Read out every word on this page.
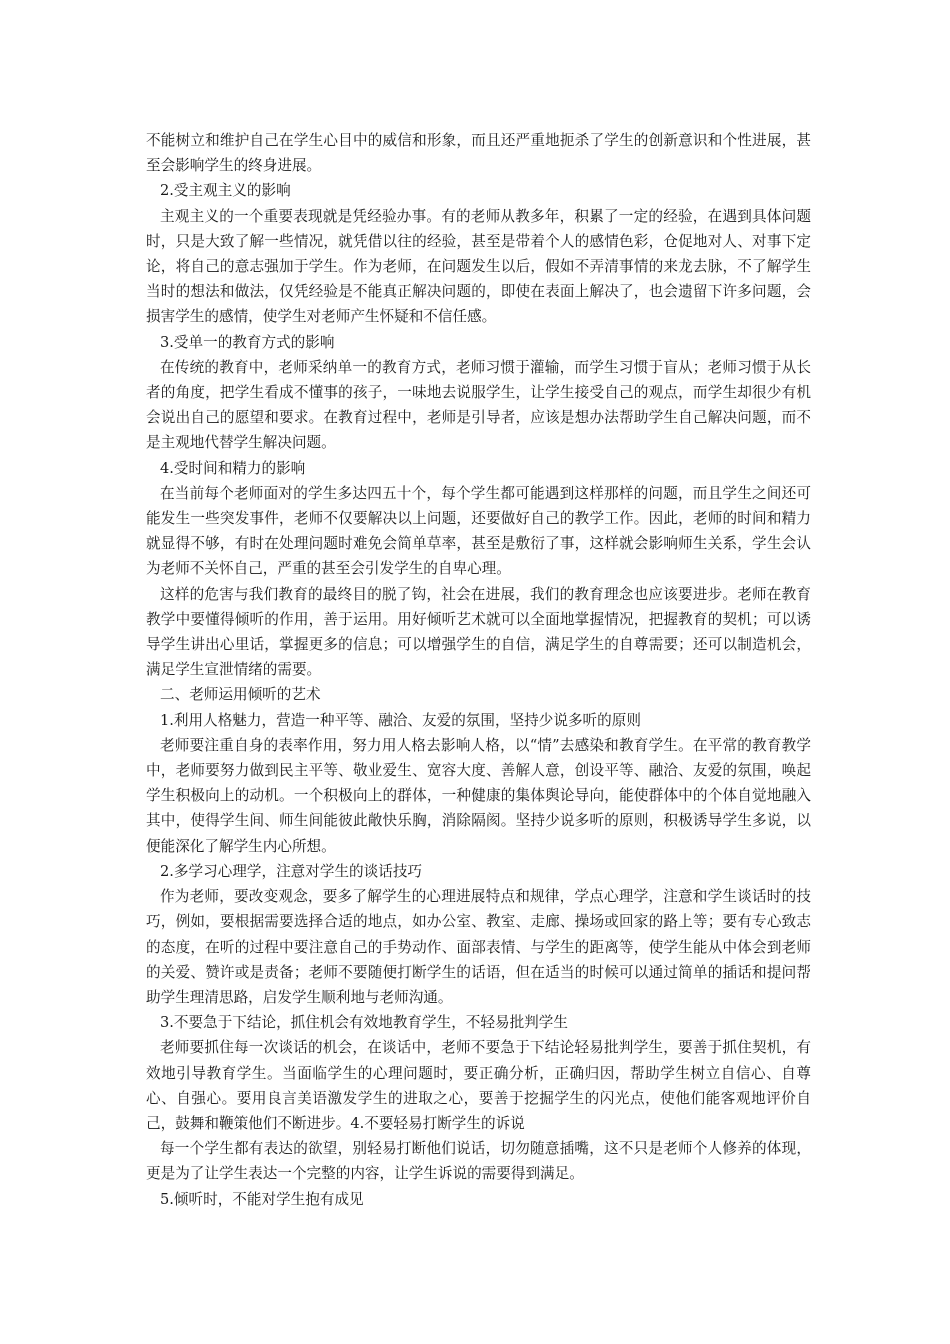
不能树立和维护自己在学生心目中的威信和形象，而且还严重地扼杀了学生的创新意识和个性进展，甚至会影响学生的终身进展。

2.受主观主义的影响

主观主义的一个重要表现就是凭经验办事。有的老师从教多年，积累了一定的经验，在遇到具体问题时，只是大致了解一些情况，就凭借以往的经验，甚至是带着个人的感情色彩，仓促地对人、对事下定论，将自己的意志强加于学生。作为老师，在问题发生以后，假如不弄清事情的来龙去脉，不了解学生当时的想法和做法，仅凭经验是不能真正解决问题的，即使在表面上解决了，也会遗留下许多问题，会损害学生的感情，使学生对老师产生怀疑和不信任感。

3.受单一的教育方式的影响

在传统的教育中，老师采纳单一的教育方式，老师习惯于灌输，而学生习惯于盲从；老师习惯于从长者的角度，把学生看成不懂事的孩子，一味地去说服学生，让学生接受自己的观点，而学生却很少有机会说出自己的愿望和要求。在教育过程中，老师是引导者，应该是想办法帮助学生自己解决问题，而不是主观地代替学生解决问题。

4.受时间和精力的影响

在当前每个老师面对的学生多达四五十个，每个学生都可能遇到这样那样的问题，而且学生之间还可能发生一些突发事件，老师不仅要解决以上问题，还要做好自己的教学工作。因此，老师的时间和精力就显得不够，有时在处理问题时难免会简单草率，甚至是敷衍了事，这样就会影响师生关系，学生会认为老师不关怀自己，严重的甚至会引发学生的自卑心理。

这样的危害与我们教育的最终目的脱了钩，社会在进展，我们的教育理念也应该要进步。老师在教育教学中要懂得倾听的作用，善于运用。用好倾听艺术就可以全面地掌握情况，把握教育的契机；可以诱导学生讲出心里话，掌握更多的信息；可以增强学生的自信，满足学生的自尊需要；还可以制造机会，满足学生宣泄情绪的需要。

二、老师运用倾听的艺术

1.利用人格魅力，营造一种平等、融洽、友爱的氛围，坚持少说多听的原则

老师要注重自身的表率作用，努力用人格去影响人格，以“情”去感染和教育学生。在平常的教育教学中，老师要努力做到民主平等、敬业爱生、宽容大度、善解人意，创设平等、融洽、友爱的氛围，唤起学生积极向上的动机。一个积极向上的群体，一种健康的集体舆论导向，能使群体中的个体自觉地融入其中，使得学生间、师生间能彼此敞快乐胸，消除隔阂。坚持少说多听的原则，积极诱导学生多说，以便能深化了解学生内心所想。

2.多学习心理学，注意对学生的谈话技巧

作为老师，要改变观念，要多了解学生的心理进展特点和规律，学点心理学，注意和学生谈话时的技巧，例如，要根据需要选择合适的地点，如办公室、教室、走廊、操场或回家的路上等；要有专心致志的态度，在听的过程中要注意自己的手势动作、面部表情、与学生的距离等，使学生能从中体会到老师的关爱、赞许或是责备；老师不要随便打断学生的话语，但在适当的时候可以通过简单的插话和提问帮助学生理清思路，启发学生顺利地与老师沟通。

3.不要急于下结论，抓住机会有效地教育学生，不轻易批判学生

老师要抓住每一次谈话的机会，在谈话中，老师不要急于下结论轻易批判学生，要善于抓住契机，有效地引导教育学生。当面临学生的心理问题时，要正确分析，正确归因，帮助学生树立自信心、自尊心、自强心。要用良言美语激发学生的进取之心，要善于挖掘学生的闪光点，使他们能客观地评价自己，鼓舞和鞭策他们不断进步。4.不要轻易打断学生的诉说

每一个学生都有表达的欲望，别轻易打断他们说话，切勿随意插嘴，这不只是老师个人修养的体现，更是为了让学生表达一个完整的内容，让学生诉说的需要得到满足。

5.倾听时，不能对学生抱有成见
